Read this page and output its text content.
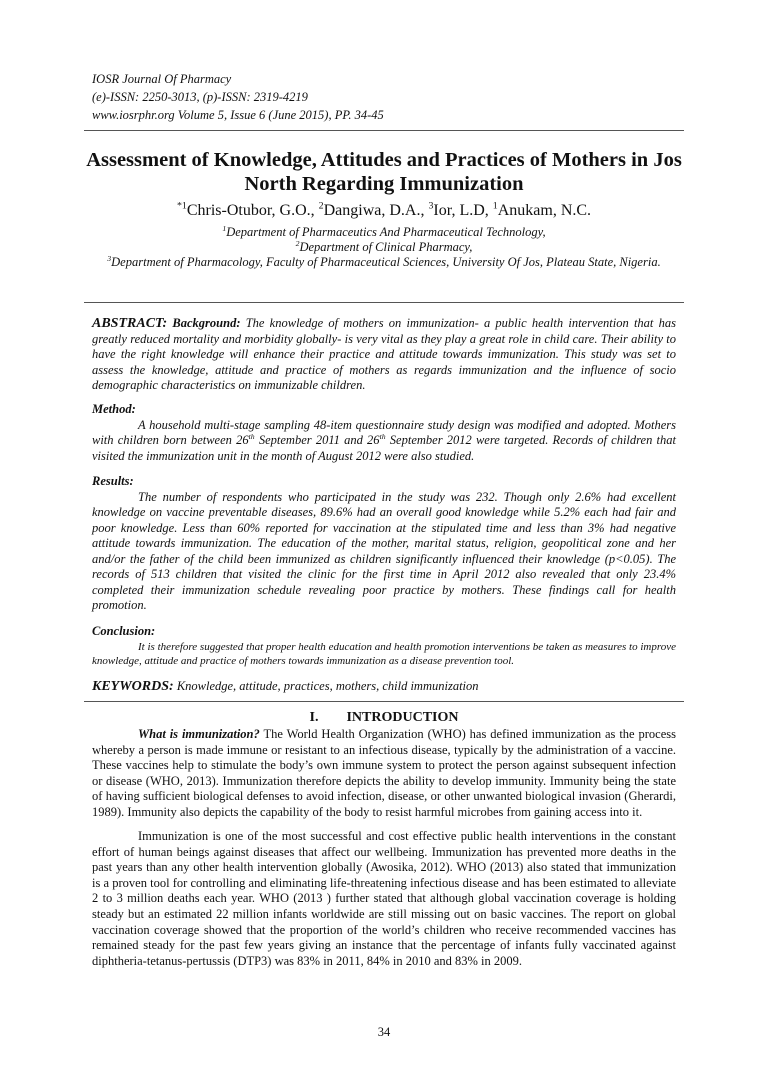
IOSR Journal Of Pharmacy
(e)-ISSN: 2250-3013, (p)-ISSN: 2319-4219
www.iosrphr.org Volume 5, Issue 6 (June 2015), PP. 34-45
Assessment of Knowledge, Attitudes and Practices of Mothers in Jos North Regarding Immunization
$^{*1}$Chris-Otubor, G.O., $^2$Dangiwa, D.A., $^3$Ior, L.D, $^1$Anukam, N.C.
$^1$Department of Pharmaceutics And Pharmaceutical Technology,
$^2$Department of Clinical Pharmacy,
$^3$Department of Pharmacology, Faculty of Pharmaceutical Sciences, University Of Jos, Plateau State, Nigeria.

ABSTRACT: Background: The knowledge of mothers on immunization- a public health intervention that has greatly reduced mortality and morbidity globally- is very vital as they play a great role in child care. Their ability to have the right knowledge will enhance their practice and attitude towards immunization. This study was set to assess the knowledge, attitude and practice of mothers as regards immunization and the influence of socio demographic characteristics on immunizable children.

Method:

A household multi-stage sampling 48-item questionnaire study design was modified and adopted. Mothers with children born between 26th September 2011 and 26th September 2012 were targeted. Records of children that visited the immunization unit in the month of August 2012 were also studied.

Results:

The number of respondents who participated in the study was 232. Though only 2.6% had excellent knowledge on vaccine preventable diseases, 89.6% had an overall good knowledge while 5.2% each had fair and poor knowledge. Less than 60% reported for vaccination at the stipulated time and less than 3% had negative attitude towards immunization. The education of the mother, marital status, religion, geopolitical zone and her and/or the father of the child been immunized as children significantly influenced their knowledge (p<0.05). The records of 513 children that visited the clinic for the first time in April 2012 also revealed that only 23.4% completed their immunization schedule revealing poor practice by mothers. These findings call for health promotion.

Conclusion:

It is therefore suggested that proper health education and health promotion interventions be taken as measures to improve knowledge, attitude and practice of mothers towards immunization as a disease prevention tool.

KEYWORDS: Knowledge, attitude, practices, mothers, child immunization

I. INTRODUCTION

What is immunization? The World Health Organization (WHO) has defined immunization as the process whereby a person is made immune or resistant to an infectious disease, typically by the administration of a vaccine. These vaccines help to stimulate the body’s own immune system to protect the person against subsequent infection or disease (WHO, 2013). Immunization therefore depicts the ability to develop immunity. Immunity being the state of having sufficient biological defenses to avoid infection, disease, or other unwanted biological invasion (Gherardi, 1989). Immunity also depicts the capability of the body to resist harmful microbes from gaining access into it.

Immunization is one of the most successful and cost effective public health interventions in the constant effort of human beings against diseases that affect our wellbeing. Immunization has prevented more deaths in the past years than any other health intervention globally (Awosika, 2012). WHO (2013) also stated that immunization is a proven tool for controlling and eliminating life-threatening infectious disease and has been estimated to alleviate 2 to 3 million deaths each year. WHO (2013 ) further stated that although global vaccination coverage is holding steady but an estimated 22 million infants worldwide are still missing out on basic vaccines. The report on global vaccination coverage showed that the proportion of the world’s children who receive recommended vaccines has remained steady for the past few years giving an instance that the percentage of infants fully vaccinated against diphtheria-tetanus-pertussis (DTP3) was 83% in 2011, 84% in 2010 and 83% in 2009.

34
